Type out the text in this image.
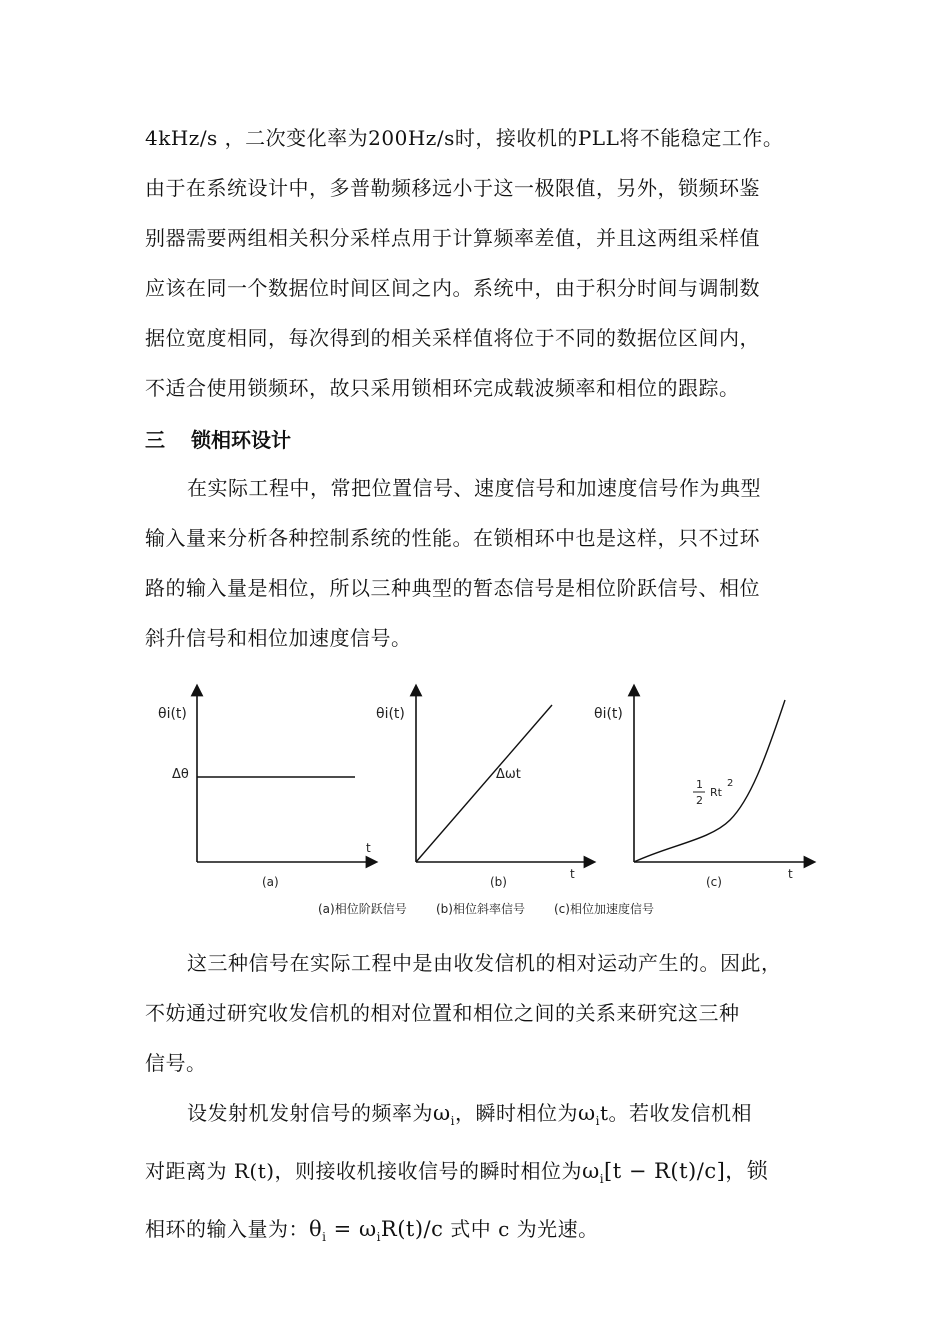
4kHz/s ，二次变化率为200Hz/s时，接收机的PLL将不能稳定工作。
由于在系统设计中，多普勒频移远小于这一极限值，另外，锁频环鉴
别器需要两组相关积分采样点用于计算频率差值，并且这两组采样值
应该在同一个数据位时间区间之内。系统中，由于积分时间与调制数
据位宽度相同，每次得到的相关采样值将位于不同的数据位区间内，
不适合使用锁频环，故只采用锁相环完成载波频率和相位的跟踪。
三 锁相环设计
在实际工程中，常把位置信号、速度信号和加速度信号作为典型
输入量来分析各种控制系统的性能。在锁相环中也是这样，只不过环
路的输入量是相位，所以三种典型的暂态信号是相位阶跃信号、相位
斜升信号和相位加速度信号。
θi(t)
Δθ
t
(a)
θi(t)
Δωt
t
(b)
θi(t)
1
2
Rt
2
t
(c)
(a)相位阶跃信号 (b)相位斜率信号 (c)相位加速度信号
这三种信号在实际工程中是由收发信机的相对运动产生的。因此，
不妨通过研究收发信机的相对位置和相位之间的关系来研究这三种
信号。
设发射机发射信号的频率为$\omega_i$，瞬时相位为$\omega_it$。若收发信机相
对距离为 R(t)，则接收机接收信号的瞬时相位为$\omega_i[t - R(t)/c]$，锁
相环的输入量为：$\theta_i = \omega_iR(t)/c$ 式中 c 为光速。
